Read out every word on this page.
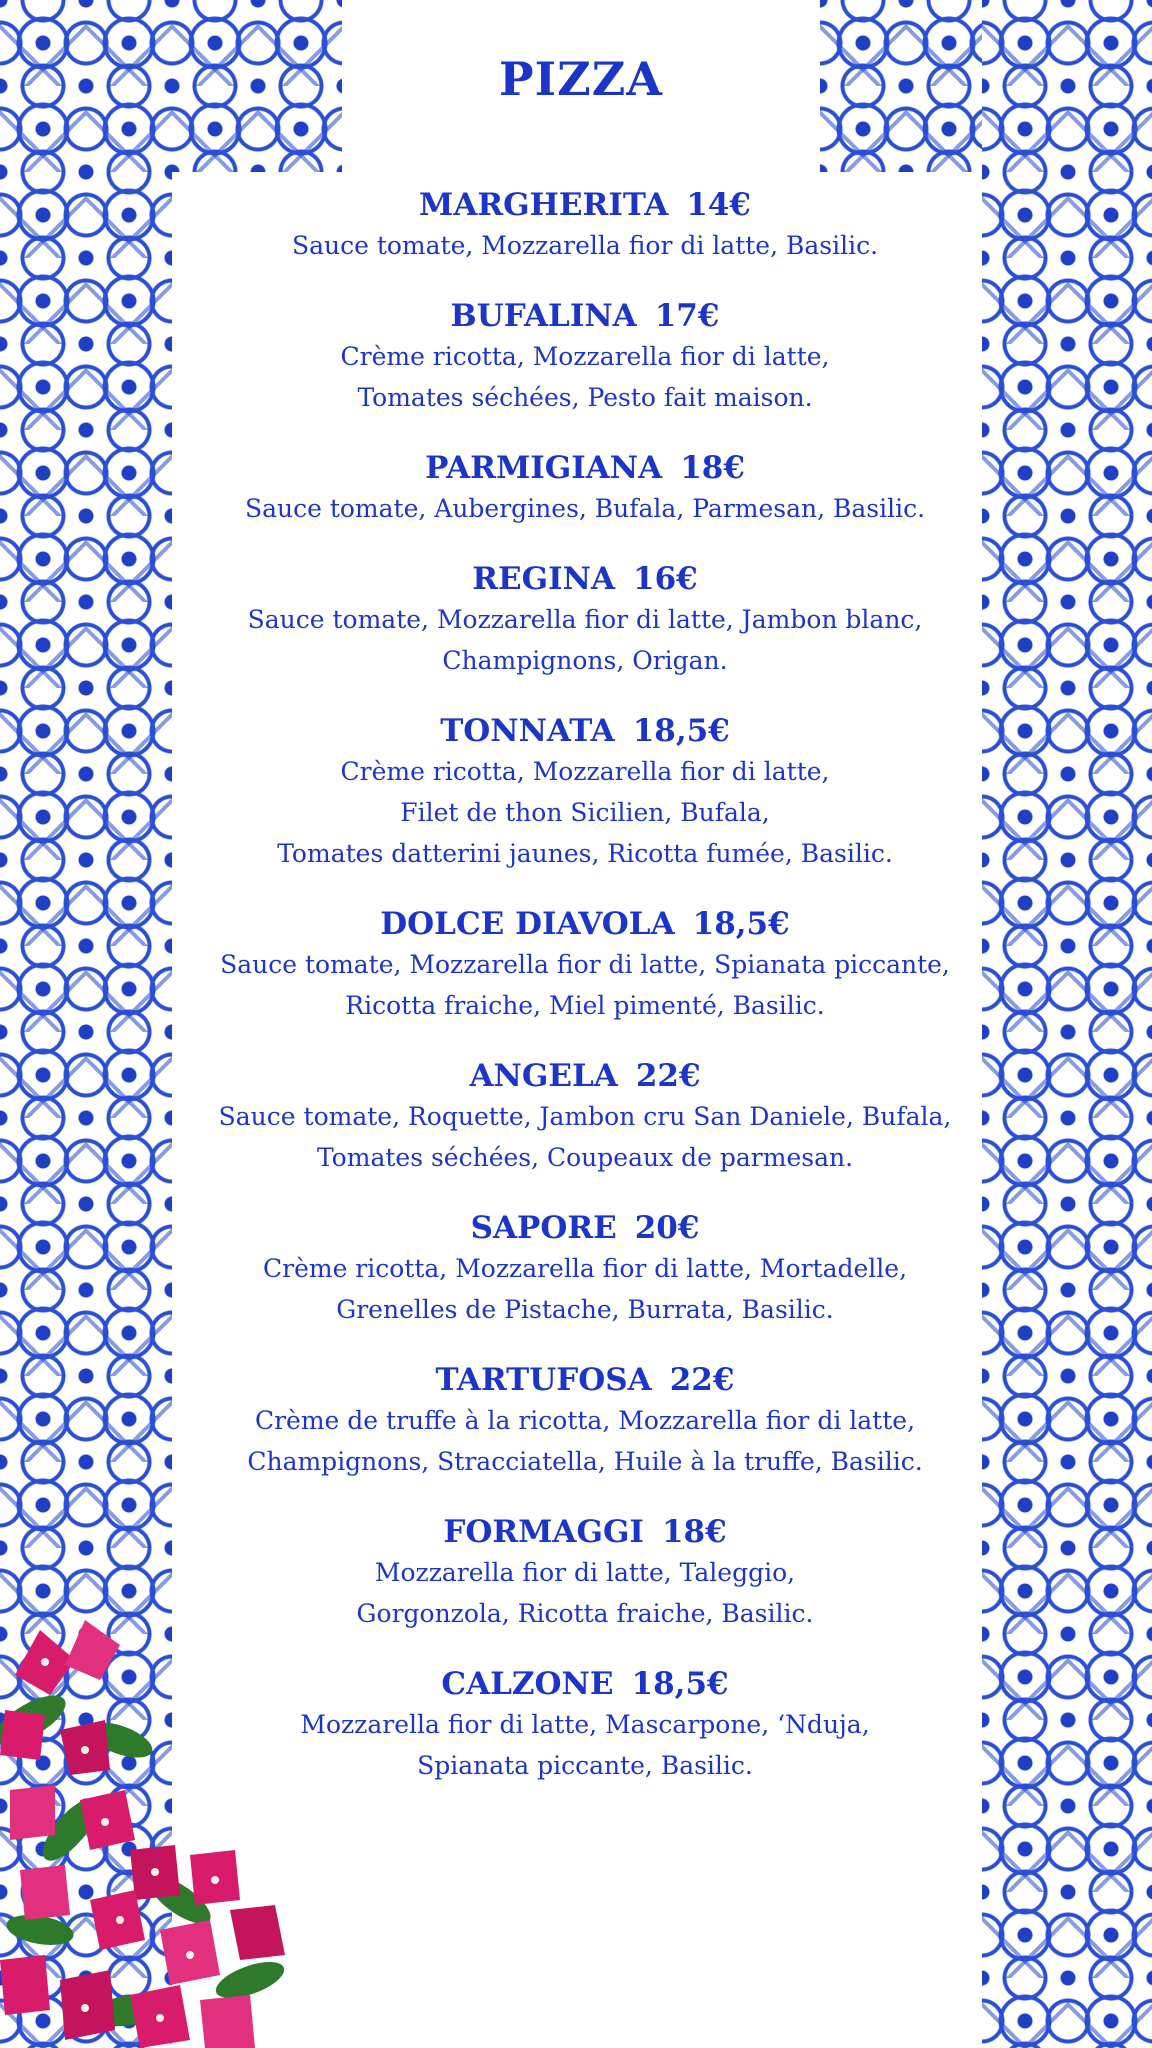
PIZZA
MARGHERITA 14€
Sauce tomate, Mozzarella fior di latte, Basilic.
BUFALINA 17€
Crème ricotta, Mozzarella fior di latte,
Tomates séchées, Pesto fait maison.
PARMIGIANA 18€
Sauce tomate, Aubergines, Bufala, Parmesan, Basilic.
REGINA 16€
Sauce tomate, Mozzarella fior di latte, Jambon blanc,
Champignons, Origan.
TONNATA 18,5€
Crème ricotta, Mozzarella fior di latte,
Filet de thon Sicilien, Bufala,
Tomates datterini jaunes, Ricotta fumée, Basilic.
DOLCE DIAVOLA 18,5€
Sauce tomate, Mozzarella fior di latte, Spianata piccante,
Ricotta fraiche, Miel pimenté, Basilic.
ANGELA 22€
Sauce tomate, Roquette, Jambon cru San Daniele, Bufala,
Tomates séchées, Coupeaux de parmesan.
SAPORE 20€
Crème ricotta, Mozzarella fior di latte, Mortadelle,
Grenelles de Pistache, Burrata, Basilic.
TARTUFOSA 22€
Crème de truffe à la ricotta, Mozzarella fior di latte,
Champignons, Stracciatella, Huile à la truffe, Basilic.
FORMAGGI 18€
Mozzarella fior di latte, Taleggio,
Gorgonzola, Ricotta fraiche, Basilic.
CALZONE 18,5€
Mozzarella fior di latte, Mascarpone, ‘Nduja,
Spianata piccante, Basilic.
